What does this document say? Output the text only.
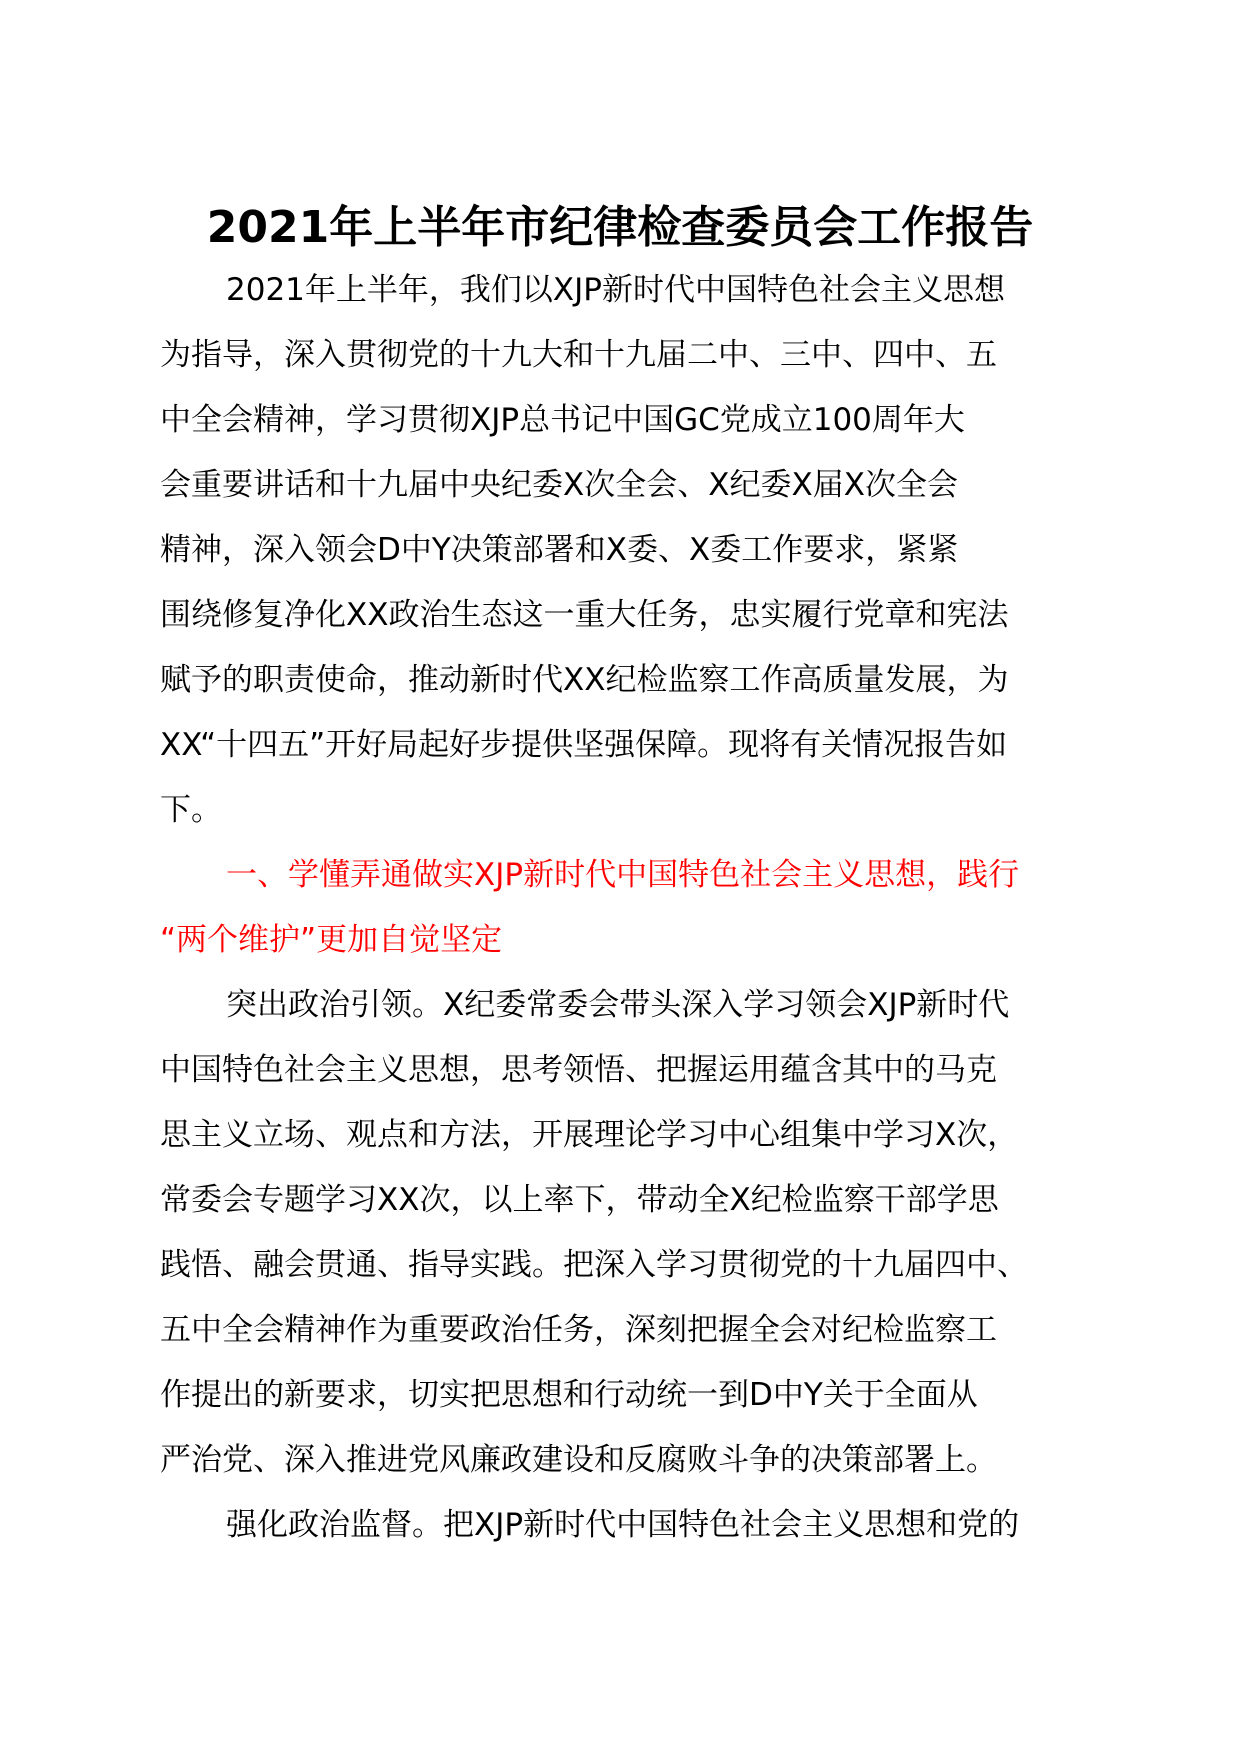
2021年上半年市纪律检查委员会工作报告
2021年上半年，我们以XJP新时代中国特色社会主义思想
为指导，深入贯彻党的十九大和十九届二中、三中、四中、五
中全会精神，学习贯彻XJP总书记中国GC党成立100周年大
会重要讲话和十九届中央纪委X次全会、X纪委X届X次全会
精神，深入领会D中Y决策部署和X委、X委工作要求，紧紧
围绕修复净化XX政治生态这一重大任务，忠实履行党章和宪法
赋予的职责使命，推动新时代XX纪检监察工作高质量发展，为
XX“十四五”开好局起好步提供坚强保障。现将有关情况报告如
下。
一、学懂弄通做实XJP新时代中国特色社会主义思想，践行
“两个维护”更加自觉坚定
突出政治引领。X纪委常委会带头深入学习领会XJP新时代
中国特色社会主义思想，思考领悟、把握运用蕴含其中的马克
思主义立场、观点和方法，开展理论学习中心组集中学习X次，
常委会专题学习XX次，以上率下，带动全X纪检监察干部学思
践悟、融会贯通、指导实践。把深入学习贯彻党的十九届四中、
五中全会精神作为重要政治任务，深刻把握全会对纪检监察工
作提出的新要求，切实把思想和行动统一到D中Y关于全面从
严治党、深入推进党风廉政建设和反腐败斗争的决策部署上。
强化政治监督。把XJP新时代中国特色社会主义思想和党的
